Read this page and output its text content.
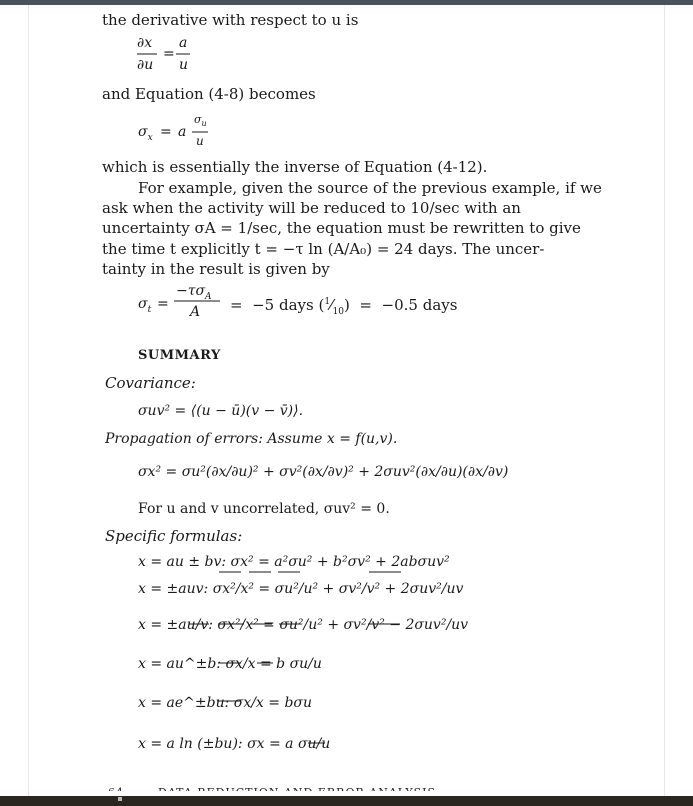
the derivative with respect to u is

∂x
∂u
=
a
u

and Equation (4-8) becomes

$\sigma_x = a$
$\sigma_u$
u

which is essentially the inverse of Equation (4-12).

For example, given the source of the previous example, if we

ask when the activity will be reduced to 10/sec with an

uncertainty σA = 1/sec, the equation must be rewritten to give

the time t explicitly t = −τ ln (A/A₀) = 24 days. The uncer-

tainty in the result is given by

$\sigma_t$ =
$-\tau\sigma_A$
A =  −5 days $(^1⁄_{10}) = -0.5$ days

SUMMARY

Covariance:

σuv² = ⟨(u − ū)(v − v̄)⟩.

Propagation of errors: Assume x = f(u,v).

σx² = σu²(∂x/∂u)² + σv²(∂x/∂v)² + 2σuv²(∂x/∂u)(∂x/∂v)

For u and v uncorrelated, σuv² = 0.

Specific formulas:

x = au ± bv: σx² = a²σu² + b²σv² + 2abσuv²

x = ±auv: σx²/x² = σu²/u² + σv²/v² + 2σuv²/uv

x = ±au/v: σx²/x² = σu²/u² + σv²/v² − 2σuv²/uv

x = au^±b: σx/x = b σu/u

x = ae^±bu: σx/x = bσu

x = a ln (±bu): σx = a σu/u
